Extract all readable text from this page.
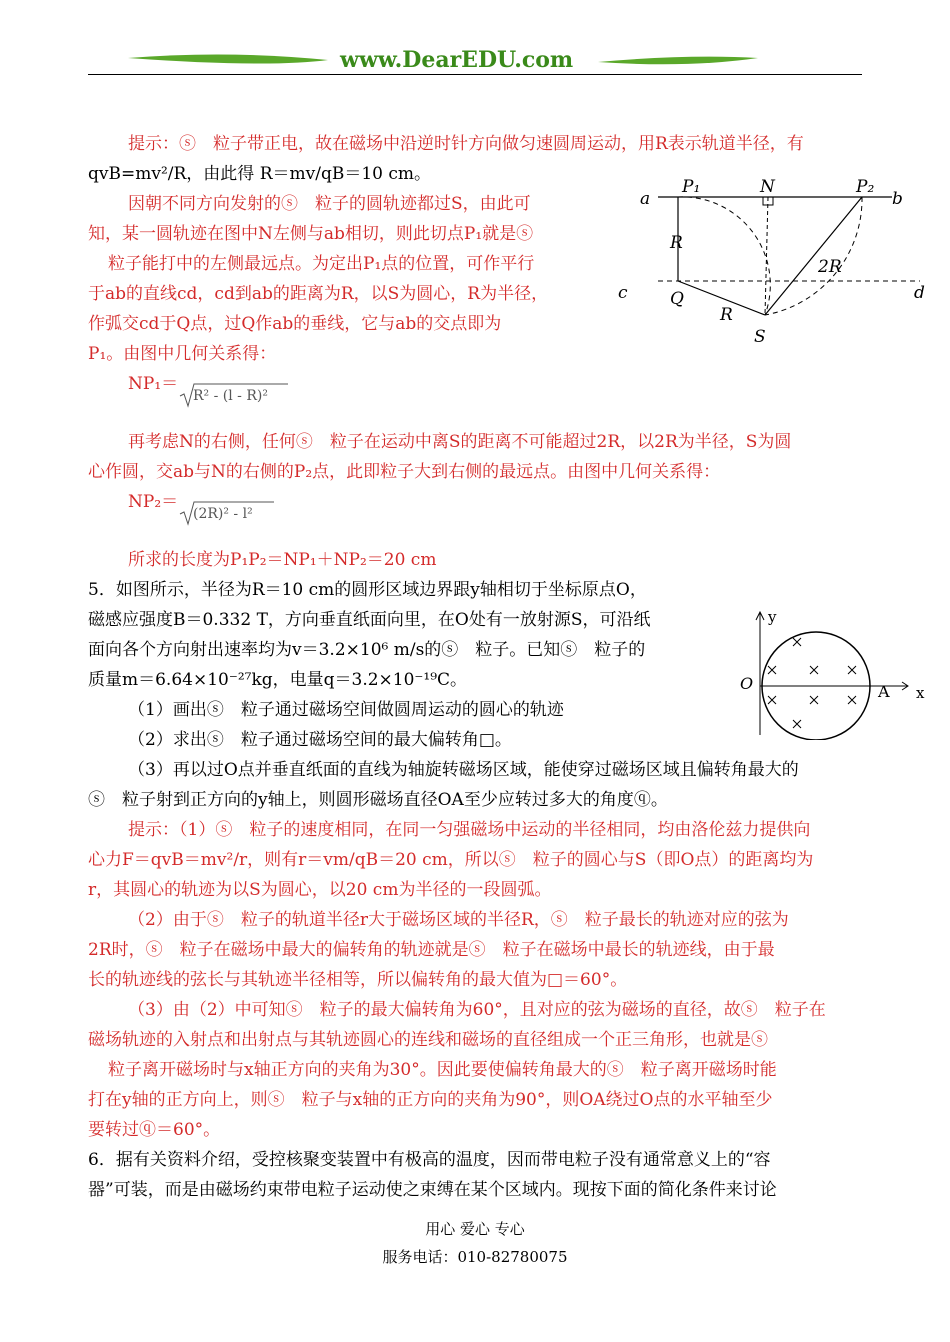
www.DearEDU.com
提示：ⓢ　粒子带正电，故在磁场中沿逆时针方向做匀速圆周运动，用R表示轨道半径，有
qvB=mv²/R，由此得 R＝mv/qB＝10 cm。
因朝不同方向发射的ⓢ　粒子的圆轨迹都过S，由此可
知，某一圆轨迹在图中N左侧与ab相切，则此切点P₁就是ⓢ
粒子能打中的左侧最远点。为定出P₁点的位置，可作平行
于ab的直线cd，cd到ab的距离为R，以S为圆心，R为半径，
作弧交cd于Q点，过Q作ab的垂线，它与ab的交点即为
P₁。由图中几何关系得：
NP₁＝
R² - (l - R)²
再考虑N的右侧，任何ⓢ　粒子在运动中离S的距离不可能超过2R，以2R为半径，S为圆
心作圆，交ab与N的右侧的P₂点，此即粒子大到右侧的最远点。由图中几何关系得：
NP₂＝
(2R)² - l²
所求的长度为P₁P₂＝NP₁＋NP₂＝20 cm
5．如图所示，半径为R＝10 cm的圆形区域边界跟y轴相切于坐标原点O，
磁感应强度B＝0.332 T，方向垂直纸面向里，在O处有一放射源S，可沿纸
面向各个方向射出速率均为v＝3.2×10⁶ m/s的ⓢ　粒子。已知ⓢ　粒子的
质量m＝6.64×10⁻²⁷kg，电量q＝3.2×10⁻¹⁹C。
（1）画出ⓢ　粒子通过磁场空间做圆周运动的圆心的轨迹
（2）求出ⓢ　粒子通过磁场空间的最大偏转角□。
（3）再以过O点并垂直纸面的直线为轴旋转磁场区域，能使穿过磁场区域且偏转角最大的
ⓢ　粒子射到正方向的y轴上，则圆形磁场直径OA至少应转过多大的角度ⓠ。
提示：（1）ⓢ　粒子的速度相同，在同一匀强磁场中运动的半径相同，均由洛伦兹力提供向
心力F＝qvB＝mv²/r，则有r＝vm/qB＝20 cm，所以ⓢ　粒子的圆心与S（即O点）的距离均为
r，其圆心的轨迹为以S为圆心，以20 cm为半径的一段圆弧。
（2）由于ⓢ　粒子的轨道半径r大于磁场区域的半径R，ⓢ　粒子最长的轨迹对应的弦为
2R时，ⓢ　粒子在磁场中最大的偏转角的轨迹就是ⓢ　粒子在磁场中最长的轨迹线，由于最
长的轨迹线的弦长与其轨迹半径相等，所以偏转角的最大值为□＝60°。
（3）由（2）中可知ⓢ　粒子的最大偏转角为60°，且对应的弦为磁场的直径，故ⓢ　粒子在
磁场轨迹的入射点和出射点与其轨迹圆心的连线和磁场的直径组成一个正三角形，也就是ⓢ
粒子离开磁场时与x轴正方向的夹角为30°。因此要使偏转角最大的ⓢ　粒子离开磁场时能
打在y轴的正方向上，则ⓢ　粒子与x轴的正方向的夹角为90°，则OA绕过O点的水平轴至少
要转过ⓠ＝60°。
6．据有关资料介绍，受控核聚变装置中有极高的温度，因而带电粒子没有通常意义上的“容
器”可装，而是由磁场约束带电粒子运动使之束缚在某个区域内。现按下面的简化条件来讨论
a
P₁	N	P₂
b
R
2R
c Q	d
R
S
y
O	A x
用心 爱心 专心
服务电话：010-82780075
